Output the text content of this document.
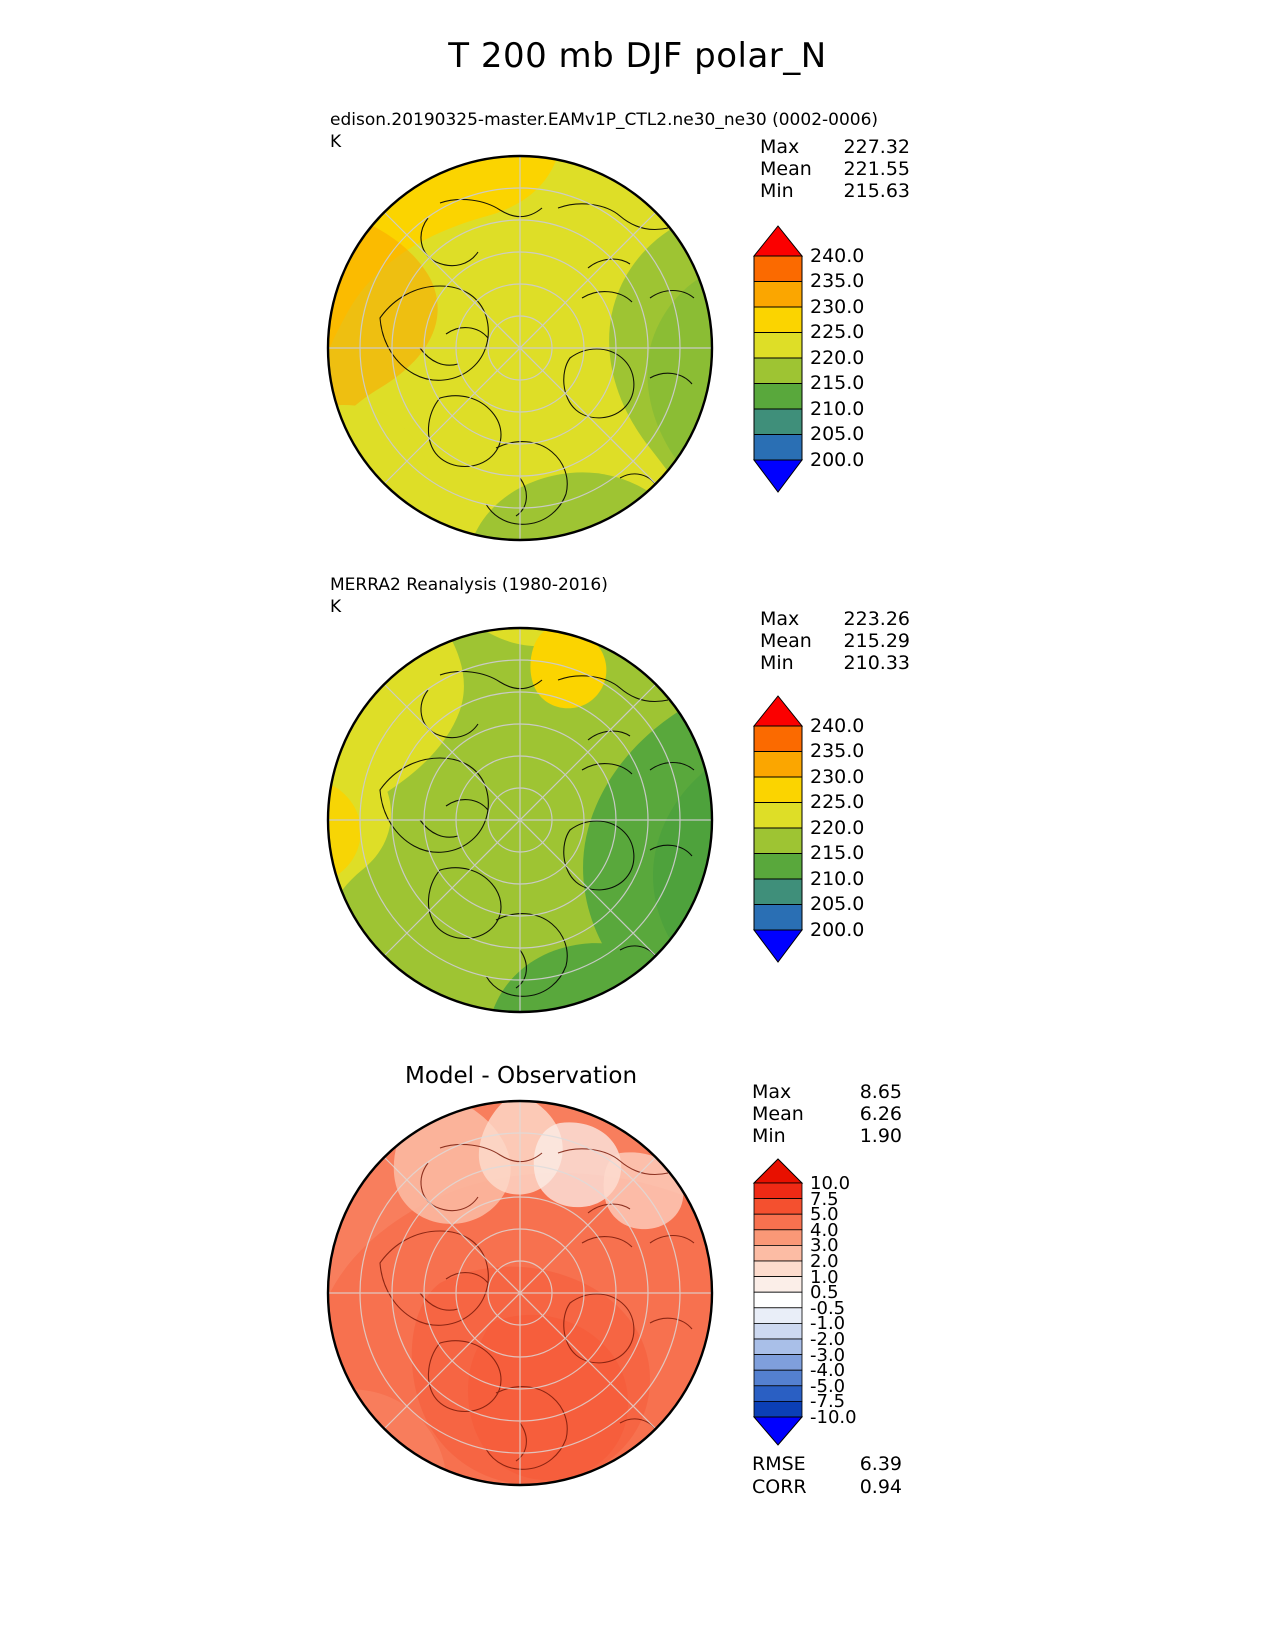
T 200 mb DJF polar_N
edison.20190325-master.EAMv1P_CTL2.ne30_ne30 (0002-0006)
K	Max 227.32
Mean 221.55
Min	215.63
240.0
235.0
230.0
225.0
220.0
215.0
210.0
205.0
200.0
MERRA2 Reanalysis (1980-2016)
K
Max 223.26
Mean 215.29
Min	210.33
240.0
235.0
230.0
225.0
220.0
215.0
210.0
205.0
200.0
Model - Observation
Max	8.65
Mean	6.26
Min	1.90
10.0
7.5
5.0
4.0
3.0
2.0
1.0
0.5
-0.5
-1.0
-2.0
-3.0
-4.0
-5.0
-7.5
-10.0
RMSE	6.39
CORR	0.94
